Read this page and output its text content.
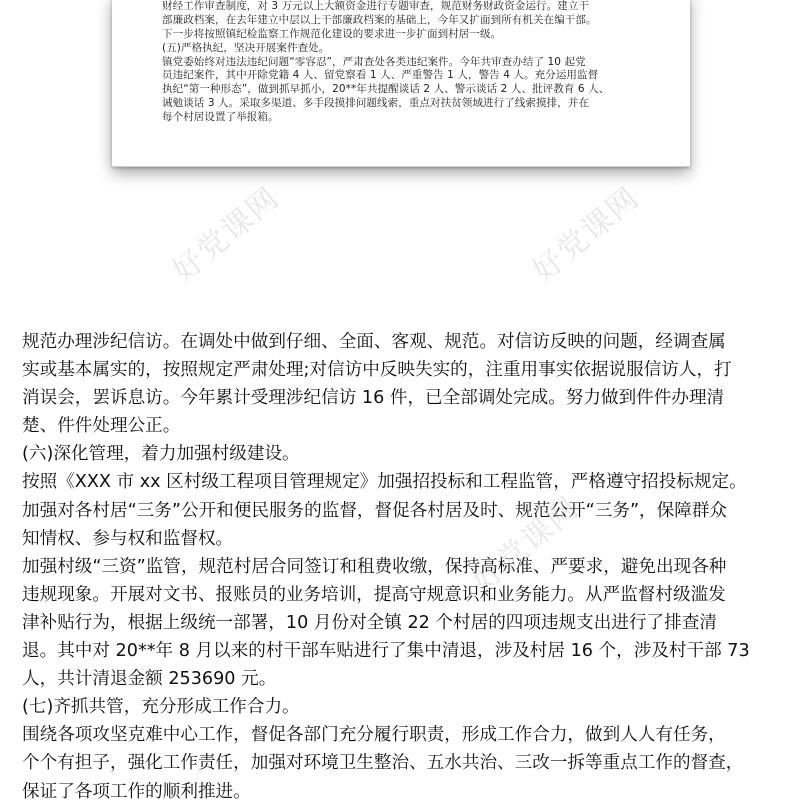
财经工作审查制度，对 3 万元以上大额资金进行专题审查，规范财务财政资金运行。建立干
部廉政档案，在去年建立中层以上干部廉政档案的基础上，今年又扩面到所有机关在编干部。
下一步将按照镇纪检监察工作规范化建设的要求进一步扩面到村居一级。
(五)严格执纪，坚决开展案件查处。
镇党委始终对违法违纪问题“零容忍”，严肃查处各类违纪案件。今年共审查办结了 10 起党
员违纪案件，其中开除党籍 4 人、留党察看 1 人、严重警告 1 人，警告 4 人。充分运用监督
执纪“第一种形态”，做到抓早抓小，20**年共提醒谈话 2 人、警示谈话 2 人、批评教育 6 人、
诫勉谈话 3 人。采取多渠道、多手段摸排问题线索，重点对扶贫领域进行了线索摸排，并在
每个村居设置了举报箱。
好党课网	好党课网
好党课网
规范办理涉纪信访。在调处中做到仔细、全面、客观、规范。对信访反映的问题，经调查属
实或基本属实的，按照规定严肃处理;对信访中反映失实的，注重用事实依据说服信访人，打
消误会，罢诉息访。今年累计受理涉纪信访 16 件，已全部调处完成。努力做到件件办理清
楚、件件处理公正。
(六)深化管理，着力加强村级建设。
按照《XXX 市 xx 区村级工程项目管理规定》加强招投标和工程监管，严格遵守招投标规定。
加强对各村居“三务”公开和便民服务的监督，督促各村居及时、规范公开“三务”，保障群众
知情权、参与权和监督权。
加强村级“三资”监管，规范村居合同签订和租费收缴，保持高标准、严要求，避免出现各种
违规现象。开展对文书、报账员的业务培训，提高守规意识和业务能力。从严监督村级滥发
津补贴行为，根据上级统一部署，10 月份对全镇 22 个村居的四项违规支出进行了排查清
退。其中对 20**年 8 月以来的村干部车贴进行了集中清退，涉及村居 16 个，涉及村干部 73
人，共计清退金额 253690 元。
(七)齐抓共管，充分形成工作合力。
围绕各项攻坚克难中心工作，督促各部门充分履行职责，形成工作合力，做到人人有任务，
个个有担子，强化工作责任，加强对环境卫生整治、五水共治、三改一拆等重点工作的督查，
保证了各项工作的顺利推进。
